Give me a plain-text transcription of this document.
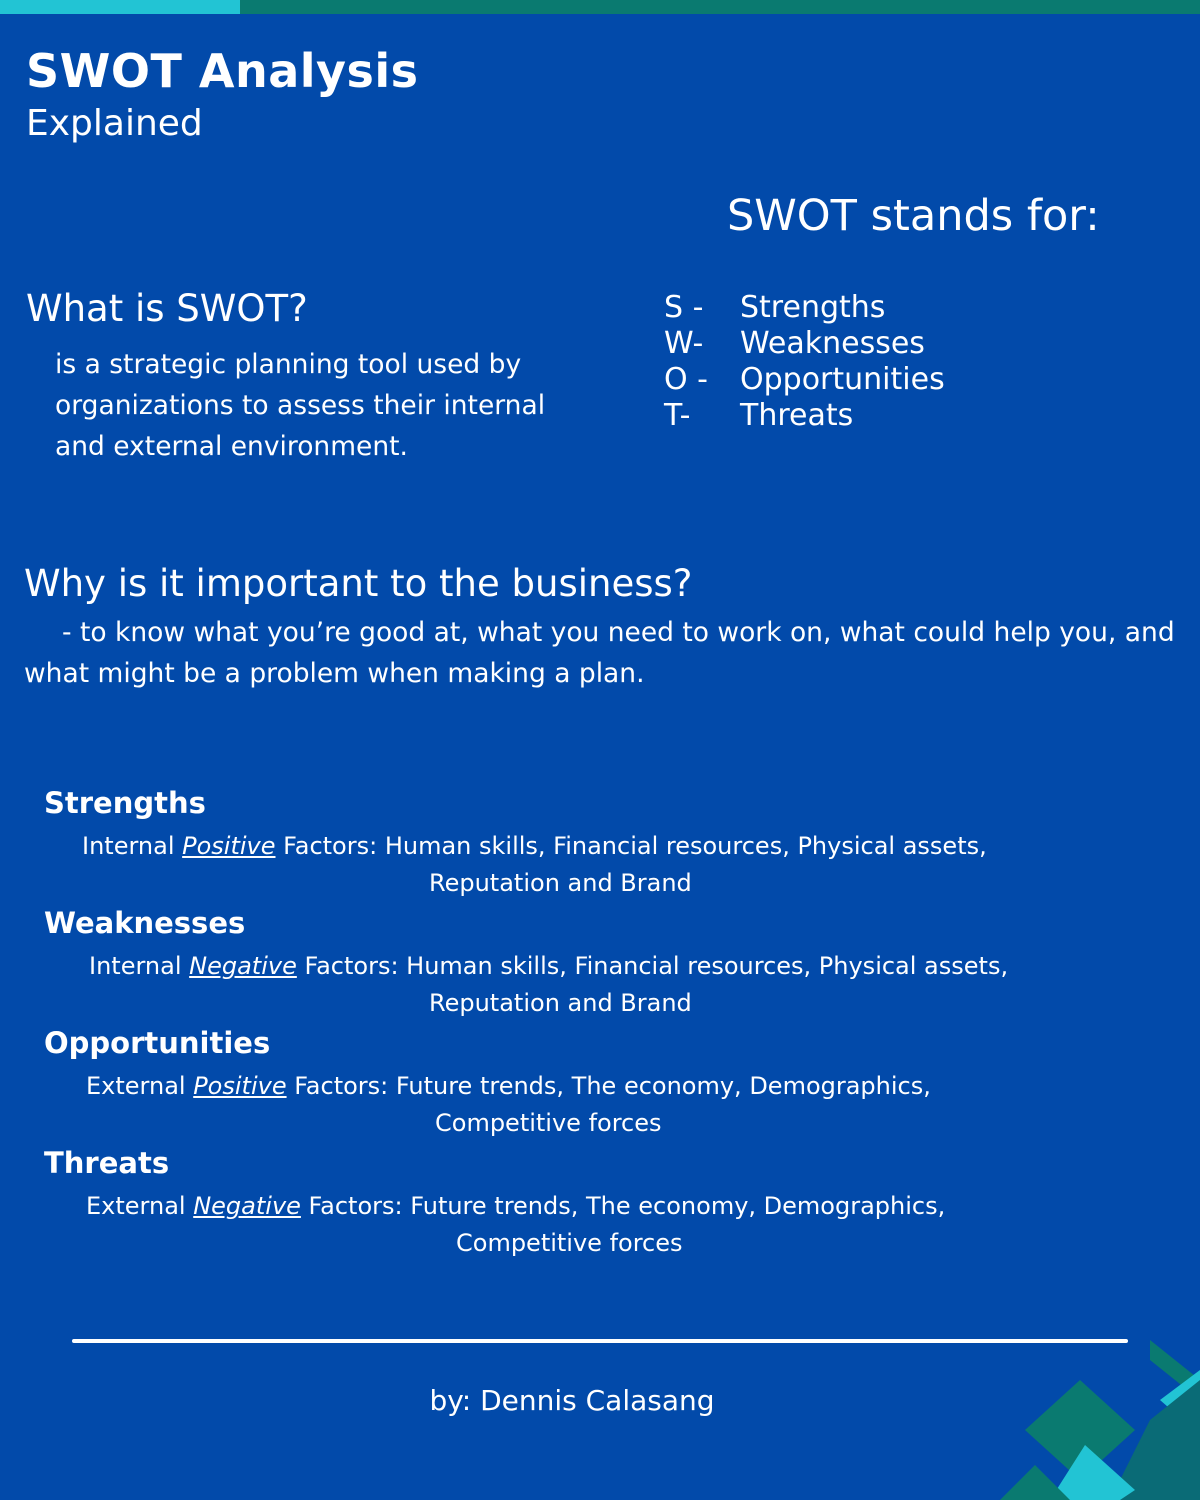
SWOT Analysis
Explained
SWOT stands for:
S - Strengths
W- Weaknesses
O - Opportunities
T- Threats
What is SWOT?
is a strategic planning tool used by organizations to assess their internal and external environment.
Why is it important to the business?
- to know what you’re good at, what you need to work on, what could help you, and what might be a problem when making a plan.
Strengths
Internal Positive Factors: Human skills, Financial resources, Physical assets,
Reputation and Brand
Weaknesses
Internal Negative Factors: Human skills, Financial resources, Physical assets,
Reputation and Brand
Opportunities
External Positive Factors: Future trends, The economy, Demographics,
Competitive forces
Threats
External Negative Factors: Future trends, The economy, Demographics,
Competitive forces
by: Dennis Calasang
